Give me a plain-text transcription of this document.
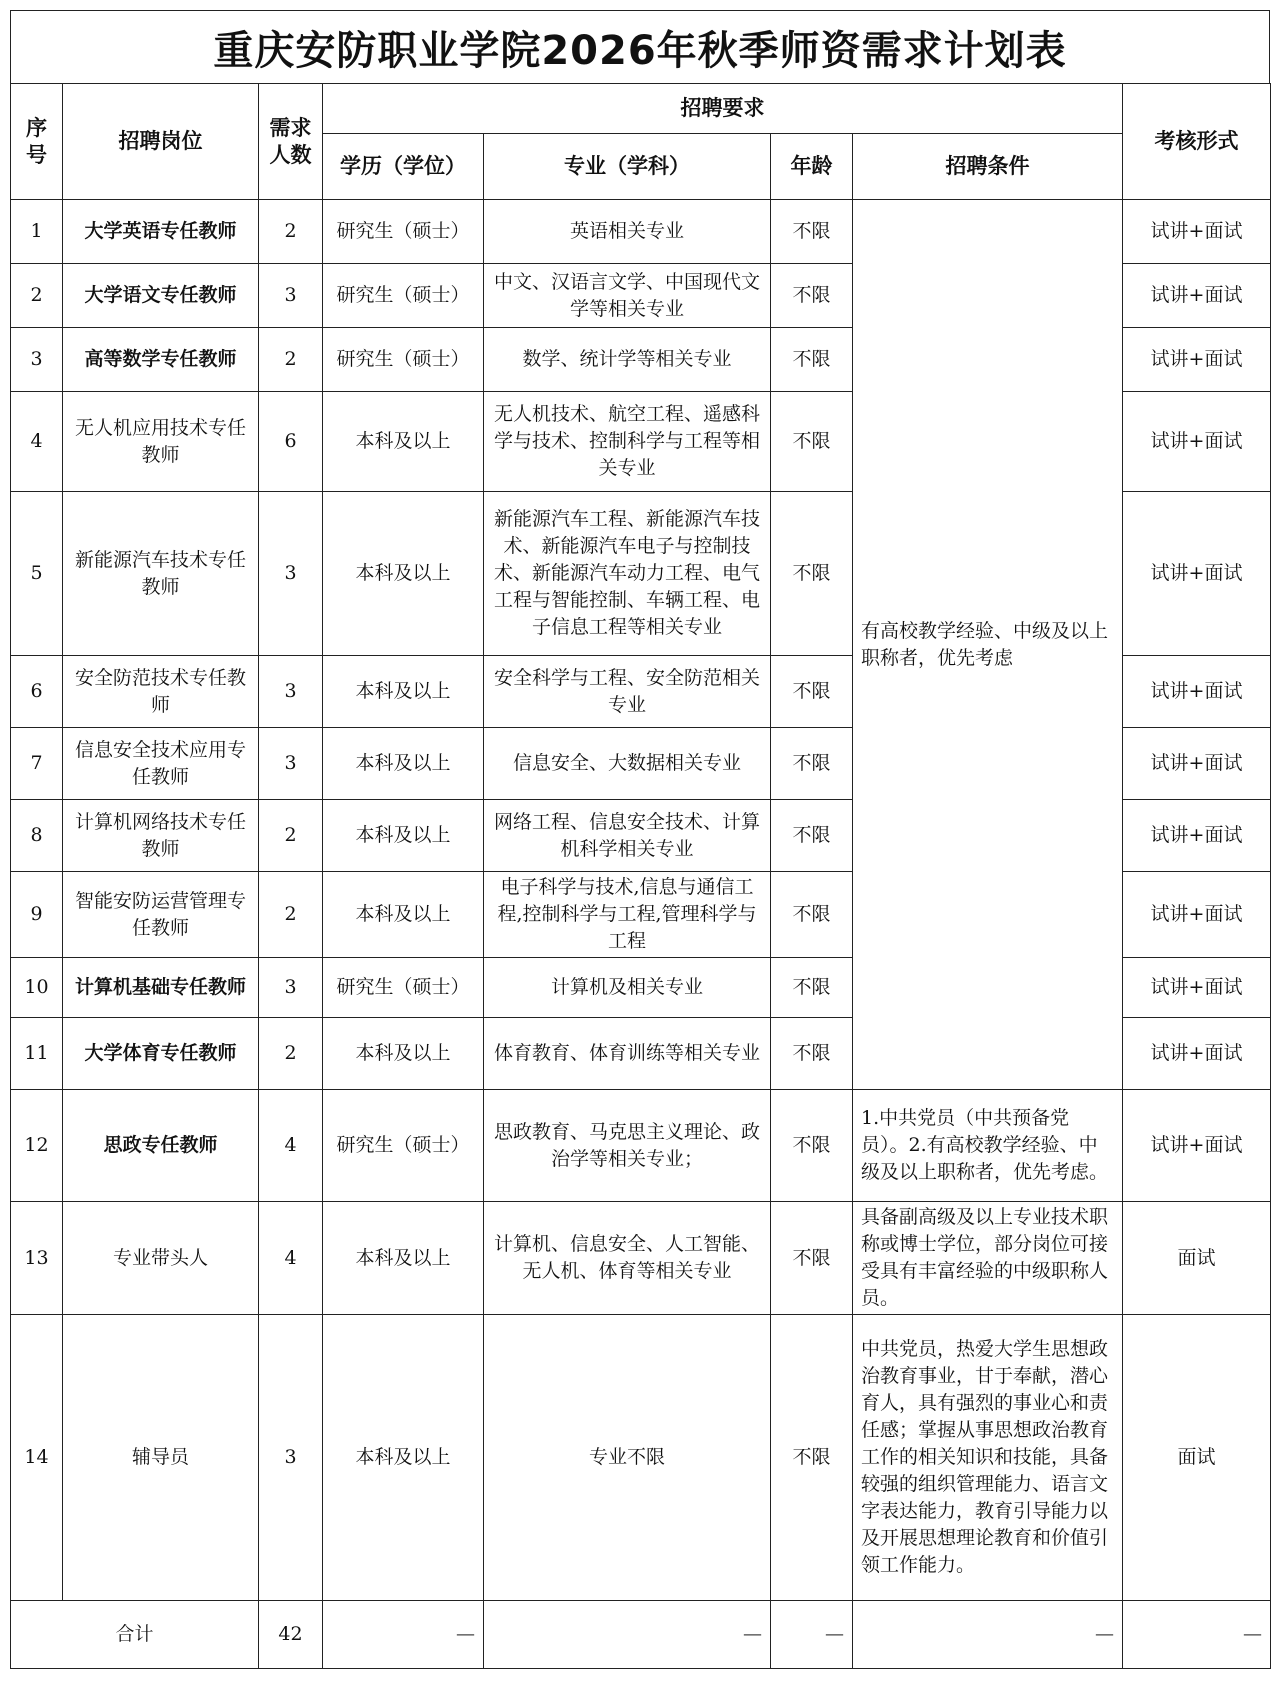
重庆安防职业学院2026年秋季师资需求计划表
序号	招聘岗位	需求人数	招聘要求				考核形式
			学历（学位）	专业（学科）	年龄	招聘条件	
1	大学英语专任教师	2	研究生（硕士）	英语相关专业	不限	有高校教学经验、中级及以上职称者，优先考虑	试讲+面试
2	大学语文专任教师	3	研究生（硕士）	中文、汉语言文学、中国现代文学等相关专业	不限		试讲+面试
3	高等数学专任教师	2	研究生（硕士）	数学、统计学等相关专业	不限		试讲+面试
4	无人机应用技术专任教师	6	本科及以上	无人机技术、航空工程、遥感科学与技术、控制科学与工程等相关专业	不限		试讲+面试
5	新能源汽车技术专任教师	3	本科及以上	新能源汽车工程、新能源汽车技术、新能源汽车电子与控制技术、新能源汽车动力工程、电气工程与智能控制、车辆工程、电子信息工程等相关专业	不限		试讲+面试
6	安全防范技术专任教师	3	本科及以上	安全科学与工程、安全防范相关专业	不限		试讲+面试
7	信息安全技术应用专任教师	3	本科及以上	信息安全、大数据相关专业	不限		试讲+面试
8	计算机网络技术专任教师	2	本科及以上	网络工程、信息安全技术、计算机科学相关专业	不限		试讲+面试
9	智能安防运营管理专任教师	2	本科及以上	电子科学与技术,信息与通信工程,控制科学与工程,管理科学与工程	不限		试讲+面试
10	计算机基础专任教师	3	研究生（硕士）	计算机及相关专业	不限		试讲+面试
11	大学体育专任教师	2	本科及以上	体育教育、体育训练等相关专业	不限		试讲+面试
12	思政专任教师	4	研究生（硕士）	思政教育、马克思主义理论、政治学等相关专业；	不限	1.中共党员（中共预备党员）。2.有高校教学经验、中级及以上职称者，优先考虑。	试讲+面试
13	专业带头人	4	本科及以上	计算机、信息安全、人工智能、无人机、体育等相关专业	不限	具备副高级及以上专业技术职称或博士学位，部分岗位可接受具有丰富经验的中级职称人员。	面试
14	辅导员	3	本科及以上	专业不限	不限	中共党员，热爱大学生思想政治教育事业，甘于奉献，潜心育人，具有强烈的事业心和责任感；掌握从事思想政治教育工作的相关知识和技能，具备较强的组织管理能力、语言文字表达能力，教育引导能力以及开展思想理论教育和价值引领工作能力。	面试
合计		42	—	—	—	—	—
